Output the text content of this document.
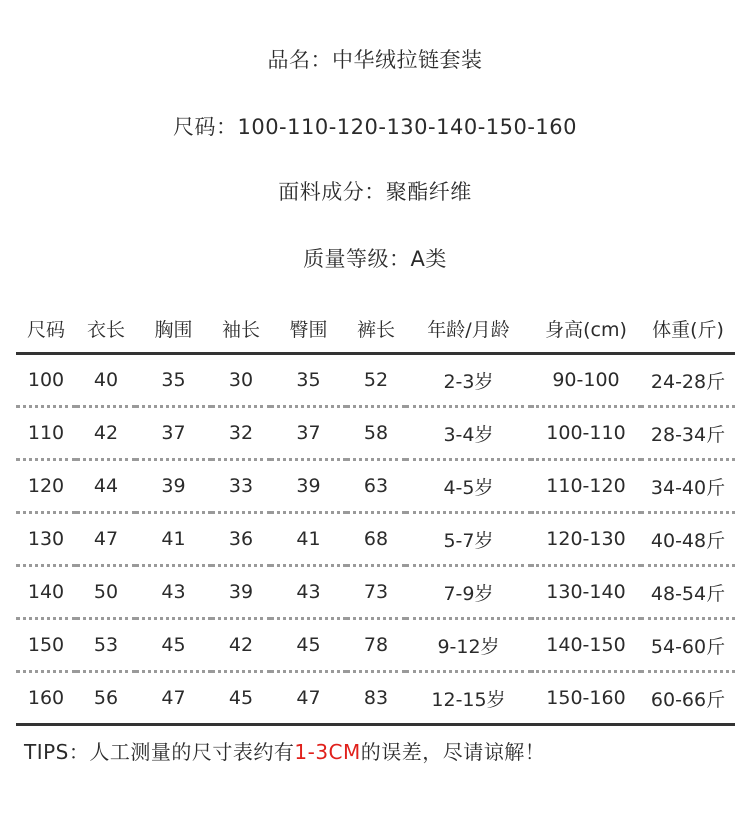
品名：中华绒拉链套装
尺码：100-110-120-130-140-150-160
面料成分：聚酯纤维
质量等级：A类
尺码	衣长	胸围	袖长	臀围	裤长	年龄/月龄	身高(cm)	体重(斤)
100	40	35	30	35	52	2-3岁	90-100	24-28斤
110	42	37	32	37	58	3-4岁	100-110	28-34斤
120	44	39	33	39	63	4-5岁	110-120	34-40斤
130	47	41	36	41	68	5-7岁	120-130	40-48斤
140	50	43	39	43	73	7-9岁	130-140	48-54斤
150	53	45	42	45	78	9-12岁	140-150	54-60斤
160	56	47	45	47	83	12-15岁	150-160	60-66斤
TIPS：人工测量的尺寸表约有1-3CM的误差，尽请谅解！
